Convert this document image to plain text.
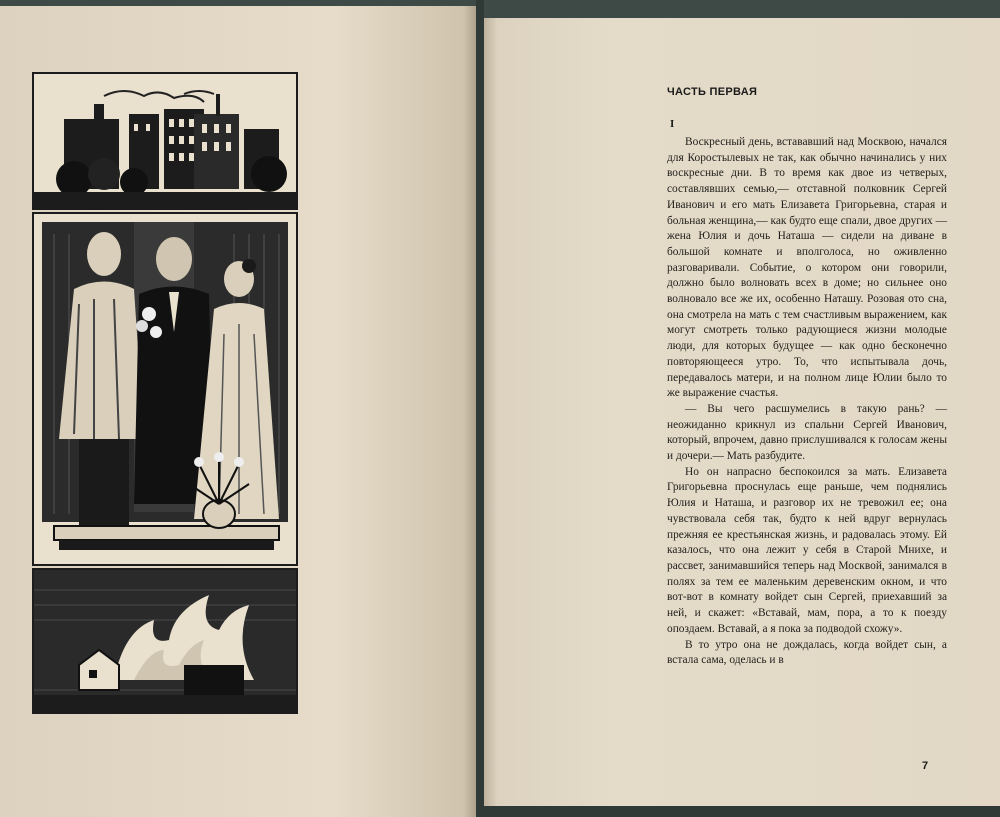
ЧАСТЬ ПЕРВАЯ
I

Воскресный день, встававший над Москвою, начался для Коростылевых не так, как обычно начинались у них воскресные дни. В то время как двое из четверых, составлявших семью,— отставной полковник Сергей Иванович и его мать Елизавета Григорьевна, старая и больная женщина,— как будто еще спали, двое других — жена Юлия и дочь Наташа — сидели на диване в большой комнате и вполголоса, но оживленно разговаривали. Событие, о котором они говорили, должно было волновать всех в доме; но сильнее оно волновало все же их, особенно Наташу. Розовая ото сна, она смотрела на мать с тем счастливым выражением, как могут смотреть только радующиеся жизни молодые люди, для которых будущее — как одно бесконечно повторяющееся утро. То, что испытывала дочь, передавалось матери, и на полном лице Юлии было то же выражение счастья.

— Вы чего расшумелись в такую рань? — неожиданно крикнул из спальни Сергей Иванович, который, впрочем, давно прислушивался к голосам жены и дочери.— Мать разбудите.

Но он напрасно беспокоился за мать. Елизавета Григорьевна проснулась еще раньше, чем поднялись Юлия и Наташа, и разговор их не тревожил ее; она чувствовала себя так, будто к ней вдруг вернулась прежняя ее крестьянская жизнь, и радовалась этому. Ей казалось, что она лежит у себя в Старой Мнихе, и рассвет, занимавшийся теперь над Москвой, занимался в полях за тем ее маленьким деревенским окном, и что вот-вот в комнату войдет сын Сергей, приехавший за ней, и скажет: «Вставай, мам, пора, а то к поезду опоздаем. Вставай, а я пока за подводой схожу».

В то утро она не дождалась, когда войдет сын, а встала сама, оделась и в

7
